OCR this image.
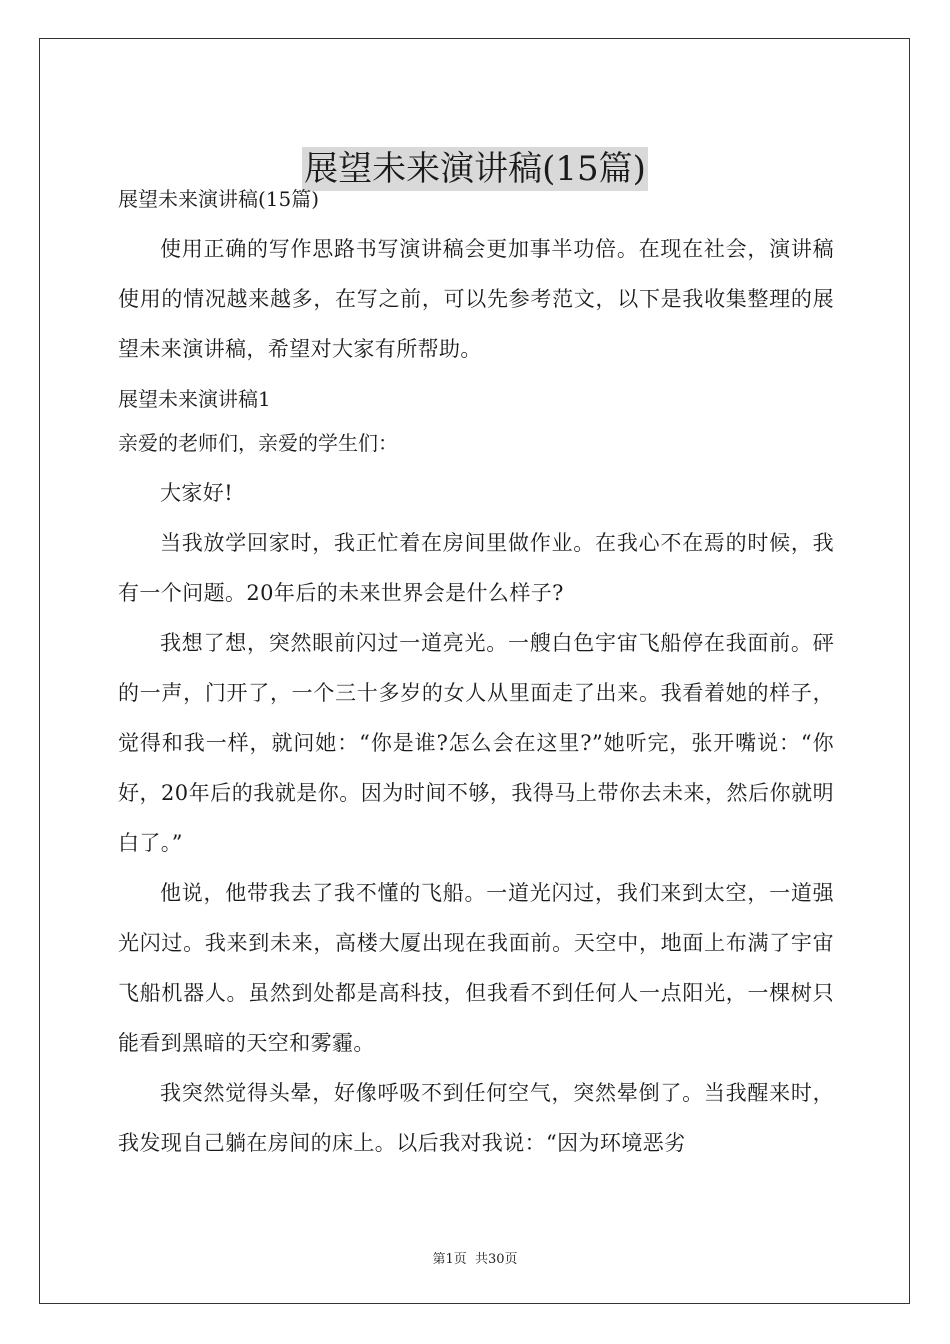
展望未来演讲稿(15篇)

展望未来演讲稿(15篇)

使用正确的写作思路书写演讲稿会更加事半功倍。在现在社会，演讲稿使用的情况越来越多，在写之前，可以先参考范文，以下是我收集整理的展望未来演讲稿，希望对大家有所帮助。

展望未来演讲稿1

亲爱的老师们，亲爱的学生们：

大家好!

当我放学回家时，我正忙着在房间里做作业。在我心不在焉的时候，我有一个问题。20年后的未来世界会是什么样子?

我想了想，突然眼前闪过一道亮光。一艘白色宇宙飞船停在我面前。砰的一声，门开了，一个三十多岁的女人从里面走了出来。我看着她的样子，觉得和我一样，就问她：“你是谁?怎么会在这里?”她听完，张开嘴说：“你好，20年后的我就是你。因为时间不够，我得马上带你去未来，然后你就明白了。”

他说，他带我去了我不懂的飞船。一道光闪过，我们来到太空，一道强光闪过。我来到未来，高楼大厦出现在我面前。天空中，地面上布满了宇宙飞船机器人。虽然到处都是高科技，但我看不到任何人一点阳光，一棵树只能看到黑暗的天空和雾霾。

我突然觉得头晕，好像呼吸不到任何空气，突然晕倒了。当我醒来时，我发现自己躺在房间的床上。以后我对我说：“因为环境恶劣

第1页 共30页
